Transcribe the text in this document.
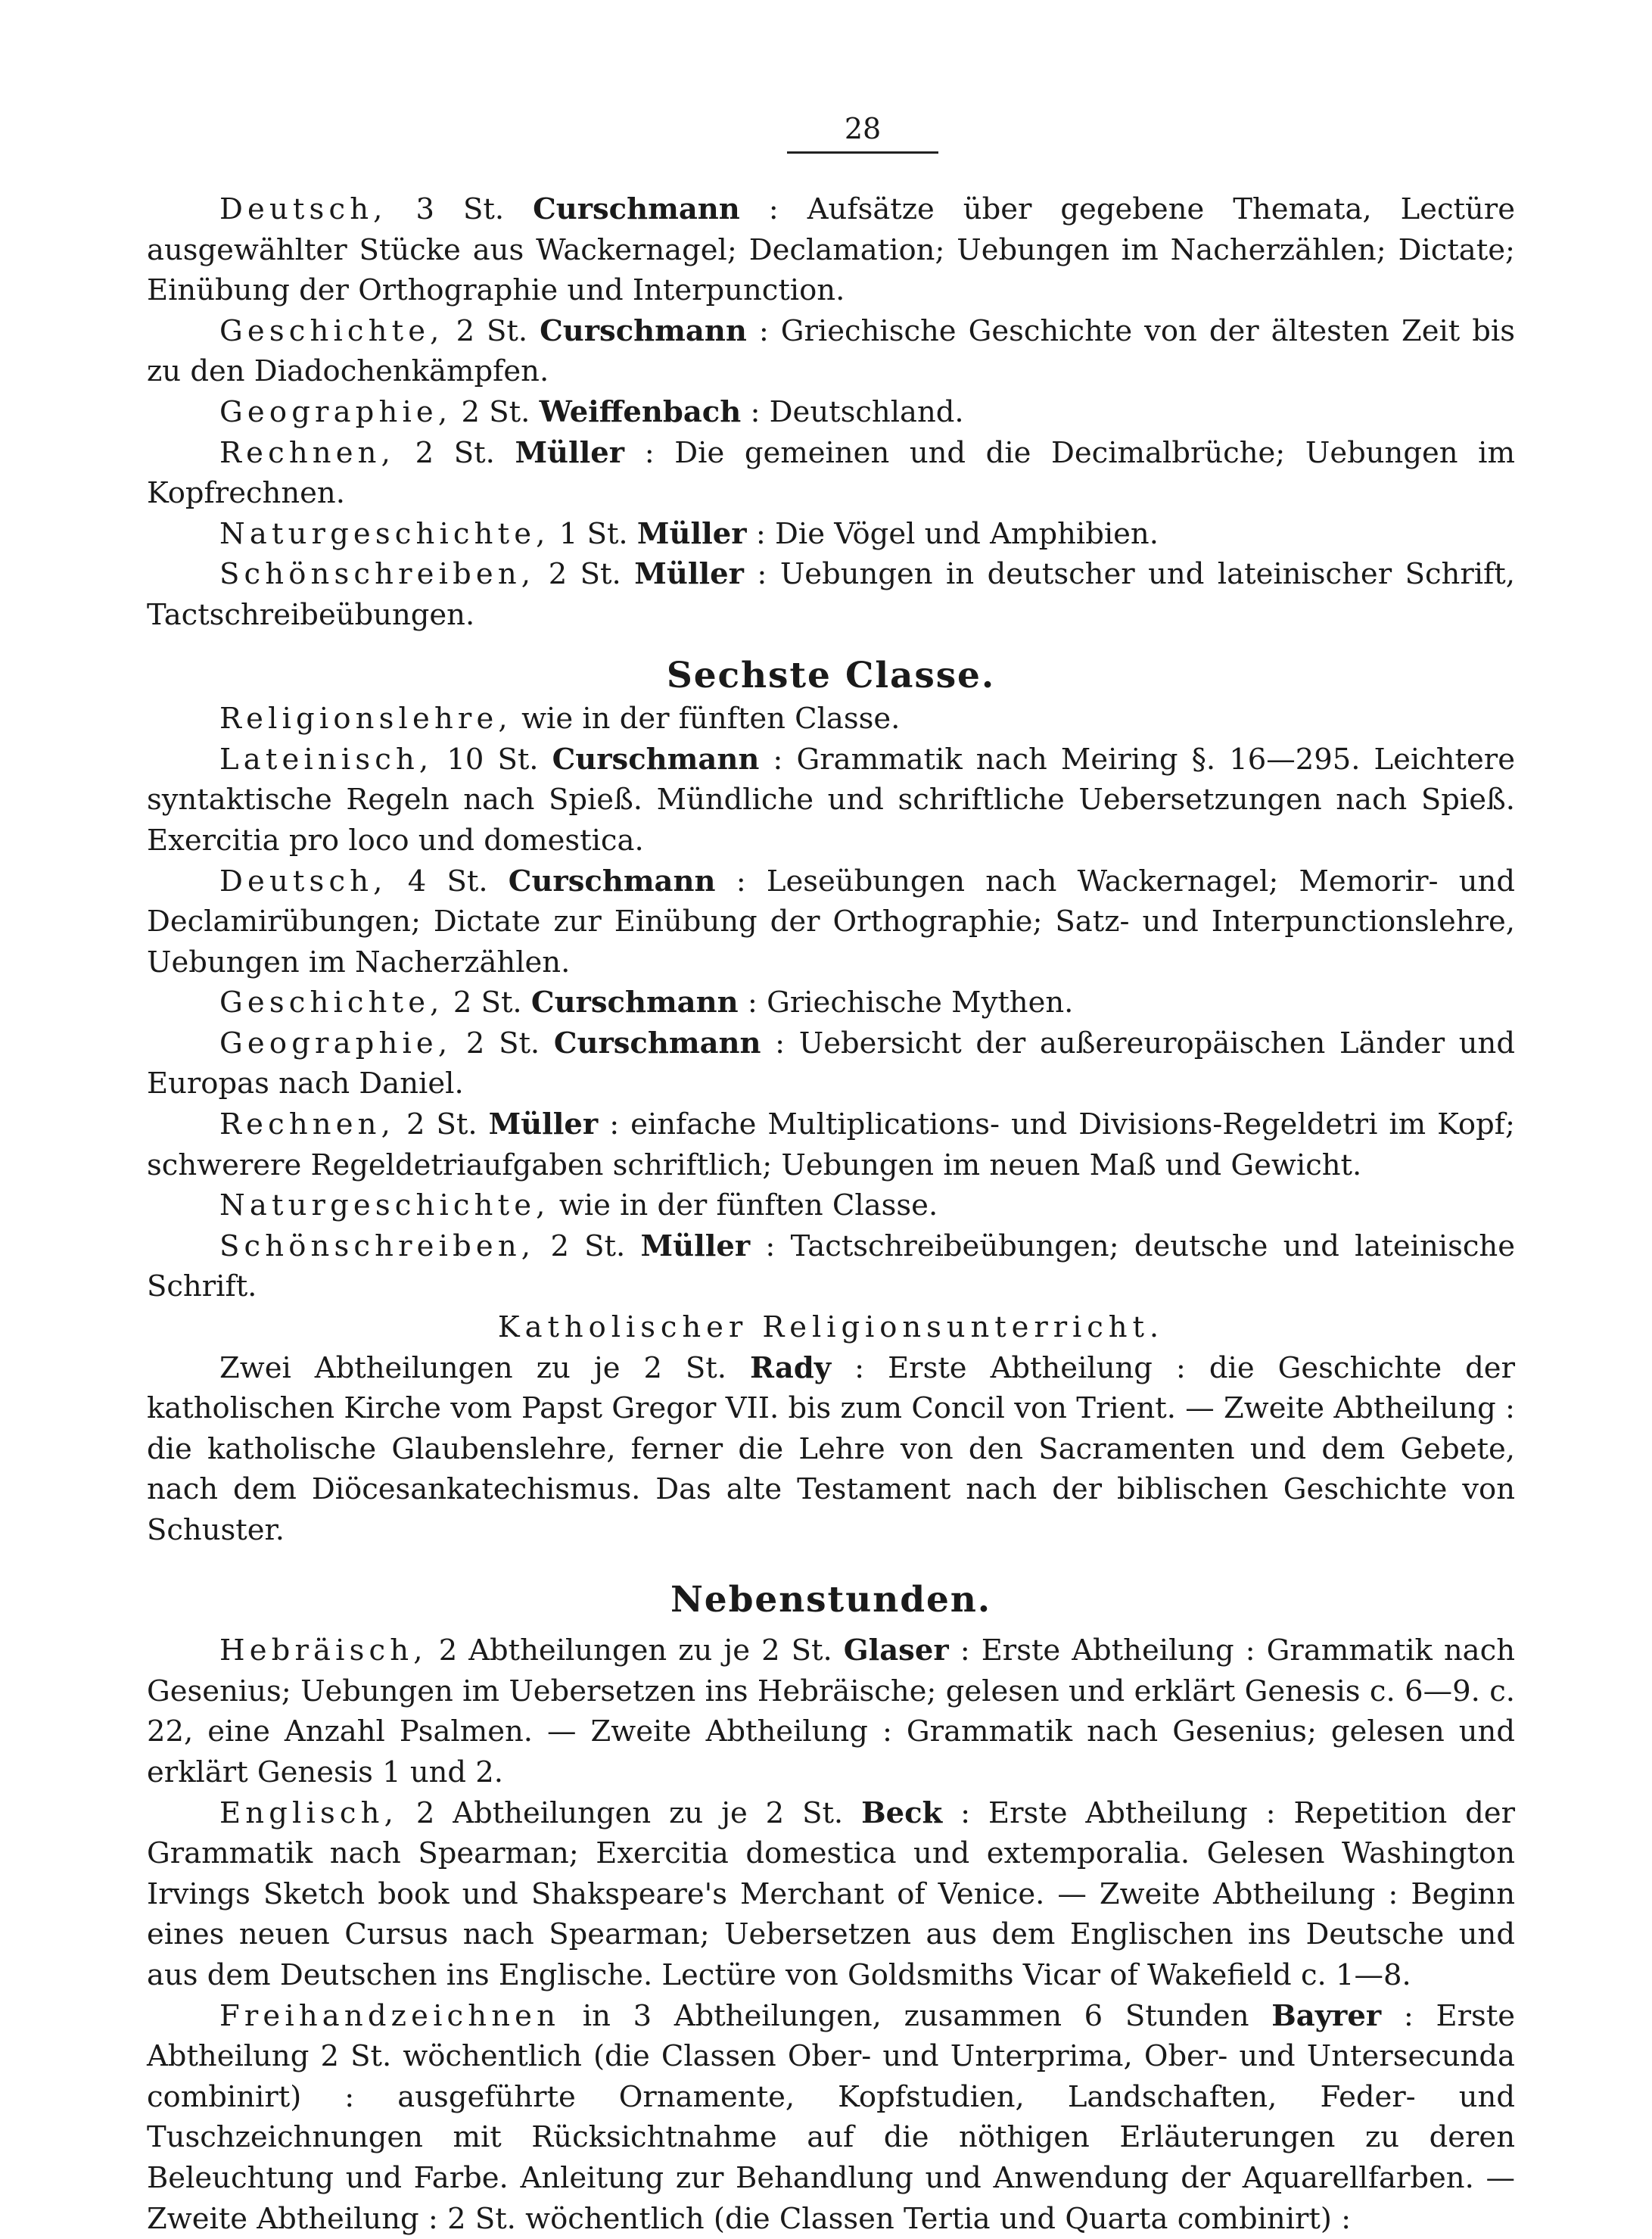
28

Deutsch, 3 St. Curschmann : Aufsätze über gegebene Themata, Lectüre ausgewählter Stücke aus Wackernagel; Declamation; Uebungen im Nacherzählen; Dictate; Einübung der Orthographie und Interpunction.

Geschichte, 2 St. Curschmann : Griechische Geschichte von der ältesten Zeit bis zu den Diadochenkämpfen.

Geographie, 2 St. Weiffenbach : Deutschland.

Rechnen, 2 St. Müller : Die gemeinen und die Decimalbrüche; Uebungen im Kopfrechnen.

Naturgeschichte, 1 St. Müller : Die Vögel und Amphibien.

Schönschreiben, 2 St. Müller : Uebungen in deutscher und lateinischer Schrift, Tactschreibeübungen.

Sechste Classe.

Religionslehre, wie in der fünften Classe.

Lateinisch, 10 St. Curschmann : Grammatik nach Meiring §. 16—295. Leichtere syntaktische Regeln nach Spieß. Mündliche und schriftliche Uebersetzungen nach Spieß. Exercitia pro loco und domestica.

Deutsch, 4 St. Curschmann : Leseübungen nach Wackernagel; Memorir- und Declamirübungen; Dictate zur Einübung der Orthographie; Satz- und Interpunctionslehre, Uebungen im Nacherzählen.

Geschichte, 2 St. Curschmann : Griechische Mythen.

Geographie, 2 St. Curschmann : Uebersicht der außereuropäischen Länder und Europas nach Daniel.

Rechnen, 2 St. Müller : einfache Multiplications- und Divisions-Regeldetri im Kopf; schwerere Regeldetriaufgaben schriftlich; Uebungen im neuen Maß und Gewicht.

Naturgeschichte, wie in der fünften Classe.

Schönschreiben, 2 St. Müller : Tactschreibeübungen; deutsche und lateinische Schrift.

Katholischer Religionsunterricht.

Zwei Abtheilungen zu je 2 St. Rady : Erste Abtheilung : die Geschichte der katholischen Kirche vom Papst Gregor VII. bis zum Concil von Trient. — Zweite Abtheilung : die katholische Glaubenslehre, ferner die Lehre von den Sacramenten und dem Gebete, nach dem Diöcesankatechismus. Das alte Testament nach der biblischen Geschichte von Schuster.

Nebenstunden.

Hebräisch, 2 Abtheilungen zu je 2 St. Glaser : Erste Abtheilung : Grammatik nach Gesenius; Uebungen im Uebersetzen ins Hebräische; gelesen und erklärt Genesis c. 6—9. c. 22, eine Anzahl Psalmen. — Zweite Abtheilung : Grammatik nach Gesenius; gelesen und erklärt Genesis 1 und 2.

Englisch, 2 Abtheilungen zu je 2 St. Beck : Erste Abtheilung : Repetition der Grammatik nach Spearman; Exercitia domestica und extemporalia. Gelesen Washington Irvings Sketch book und Shakspeare's Merchant of Venice. — Zweite Abtheilung : Beginn eines neuen Cursus nach Spearman; Uebersetzen aus dem Englischen ins Deutsche und aus dem Deutschen ins Englische. Lectüre von Goldsmiths Vicar of Wakefield c. 1—8.

Freihandzeichnen in 3 Abtheilungen, zusammen 6 Stunden Bayrer : Erste Abtheilung 2 St. wöchentlich (die Classen Ober- und Unterprima, Ober- und Untersecunda combinirt) : ausgeführte Ornamente, Kopfstudien, Landschaften, Feder- und Tuschzeichnungen mit Rücksichtnahme auf die nöthigen Erläuterungen zu deren Beleuchtung und Farbe. Anleitung zur Behandlung und Anwendung der Aquarellfarben. — Zweite Abtheilung : 2 St. wöchentlich (die Classen Tertia und Quarta combinirt) :
